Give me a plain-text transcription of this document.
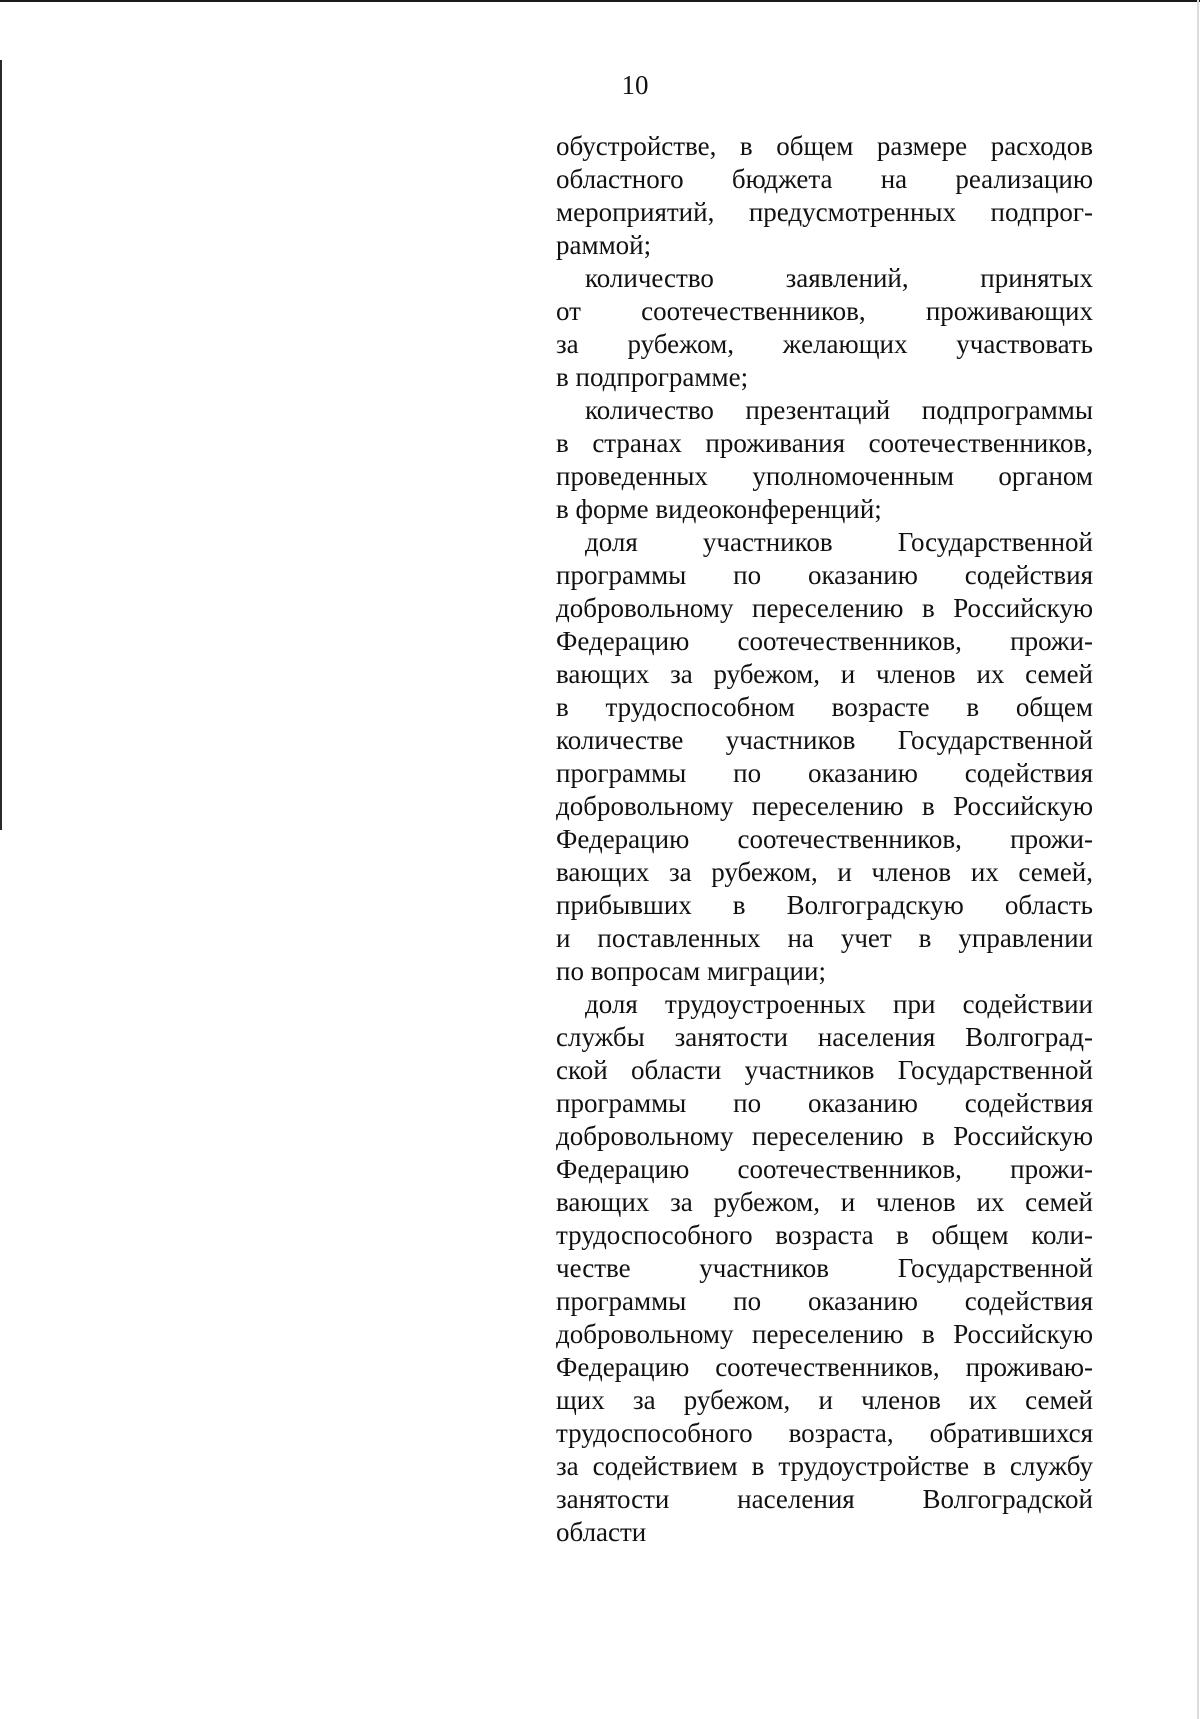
10

обустройстве, в общем размере расходов
областного бюджета на реализацию
мероприятий, предусмотренных подпрог-
раммой;

количество заявлений, принятых
от соотечественников, проживающих
за рубежом, желающих участвовать
в подпрограмме;

количество презентаций подпрограммы
в странах проживания соотечественников,
проведенных уполномоченным органом
в форме видеоконференций;

доля участников Государственной
программы по оказанию содействия
добровольному переселению в Российскую
Федерацию соотечественников, прожи-
вающих за рубежом, и членов их семей
в трудоспособном возрасте в общем
количестве участников Государственной
программы по оказанию содействия
добровольному переселению в Российскую
Федерацию соотечественников, прожи-
вающих за рубежом, и членов их семей,
прибывших в Волгоградскую область
и поставленных на учет в управлении
по вопросам миграции;

доля трудоустроенных при содействии
службы занятости населения Волгоград-
ской области участников Государственной
программы по оказанию содействия
добровольному переселению в Российскую
Федерацию соотечественников, прожи-
вающих за рубежом, и членов их семей
трудоспособного возраста в общем коли-
честве участников Государственной
программы по оказанию содействия
добровольному переселению в Российскую
Федерацию соотечественников, проживаю-
щих за рубежом, и членов их семей
трудоспособного возраста, обратившихся
за содействием в трудоустройстве в службу
занятости населения Волгоградской
области
